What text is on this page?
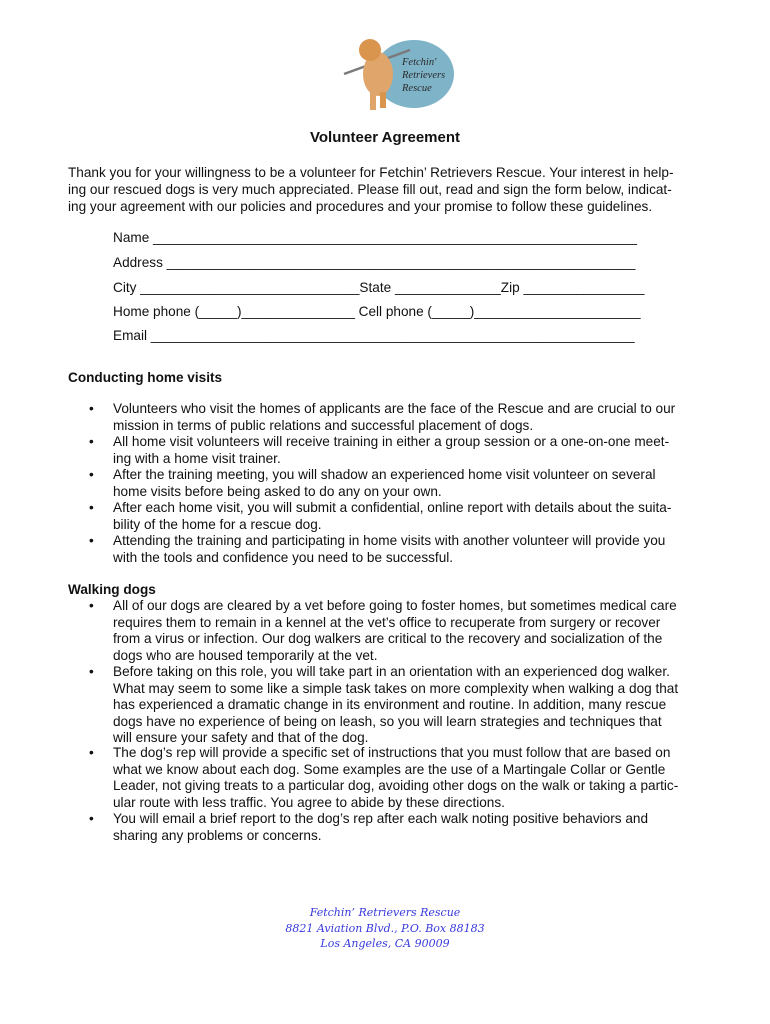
Fetchin'
Retrievers
Rescue
Volunteer Agreement
Thank you for your willingness to be a volunteer for Fetchin’ Retrievers Rescue. Your interest in help-
ing our rescued dogs is very much appreciated. Please fill out, read and sign the form below, indicat-
ing your agreement with our policies and procedures and your promise to follow these guidelines.
Name ________________________________________________________________
Address ______________________________________________________________
City _____________________________State ______________Zip ________________
Home phone (_____)_______________ Cell phone (_____)______________________
Email ________________________________________________________________
Conducting home visits
• Volunteers who visit the homes of applicants are the face of the Rescue and are crucial to our
mission in terms of public relations and successful placement of dogs.
• All home visit volunteers will receive training in either a group session or a one-on-one meet-
ing with a home visit trainer.
• After the training meeting, you will shadow an experienced home visit volunteer on several
home visits before being asked to do any on your own.
• After each home visit, you will submit a confidential, online report with details about the suita-
bility of the home for a rescue dog.
• Attending the training and participating in home visits with another volunteer will provide you
with the tools and confidence you need to be successful.
Walking dogs
• All of our dogs are cleared by a vet before going to foster homes, but sometimes medical care
requires them to remain in a kennel at the vet’s office to recuperate from surgery or recover
from a virus or infection. Our dog walkers are critical to the recovery and socialization of the
dogs who are housed temporarily at the vet.
• Before taking on this role, you will take part in an orientation with an experienced dog walker.
What may seem to some like a simple task takes on more complexity when walking a dog that
has experienced a dramatic change in its environment and routine. In addition, many rescue
dogs have no experience of being on leash, so you will learn strategies and techniques that
will ensure your safety and that of the dog.
• The dog’s rep will provide a specific set of instructions that you must follow that are based on
what we know about each dog. Some examples are the use of a Martingale Collar or Gentle
Leader, not giving treats to a particular dog, avoiding other dogs on the walk or taking a partic-
ular route with less traffic. You agree to abide by these directions.
• You will email a brief report to the dog’s rep after each walk noting positive behaviors and
sharing any problems or concerns.
Fetchin’ Retrievers Rescue
8821 Aviation Blvd., P.O. Box 88183
Los Angeles, CA 90009
